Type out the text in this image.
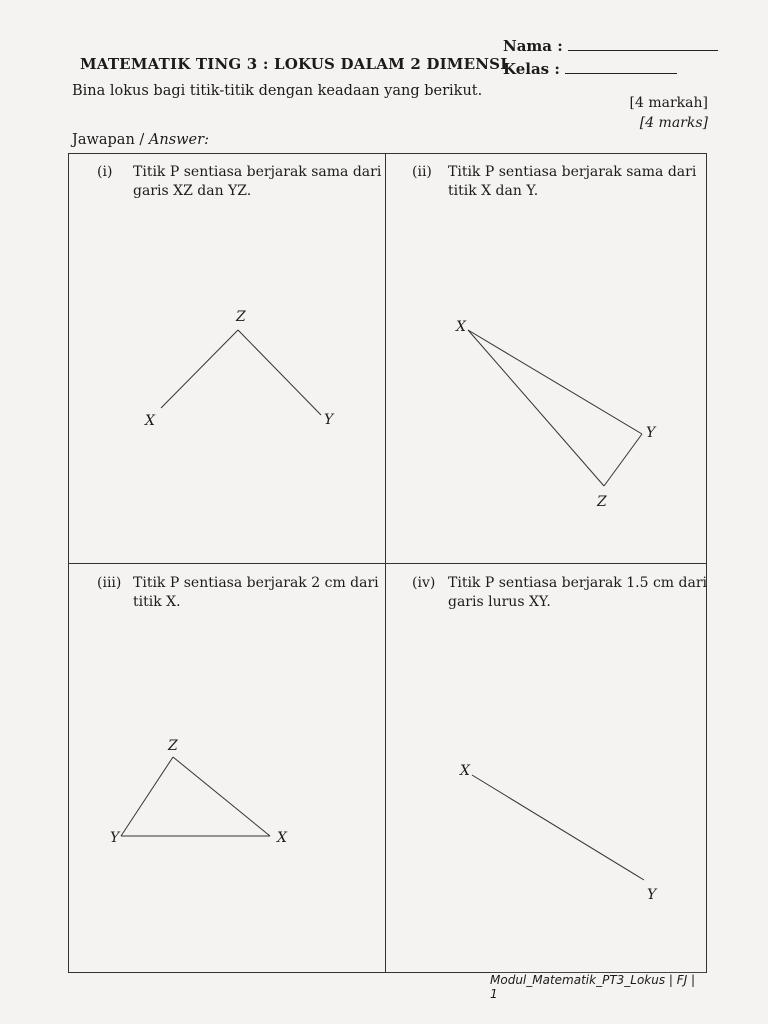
MATEMATIK TING 3 : LOKUS DALAM 2 DIMENSI
Nama :
Kelas :
Bina lokus bagi titik-titik dengan keadaan yang berikut.
[4 markah]
[4 marks]
Jawapan / Answer:
(i) Titik P sentiasa berjarak sama dari
garis XZ dan YZ.
(ii) Titik P sentiasa berjarak sama dari
titik X dan Y.
(iii) Titik P sentiasa berjarak 2 cm dari
titik X.
(iv) Titik P sentiasa berjarak 1.5 cm dari
garis lurus XY.
Z
X	Y
X
Y
Z
Z
Y	X
X
Y
Modul_Matematik_PT3_Lokus | FJ | 1
